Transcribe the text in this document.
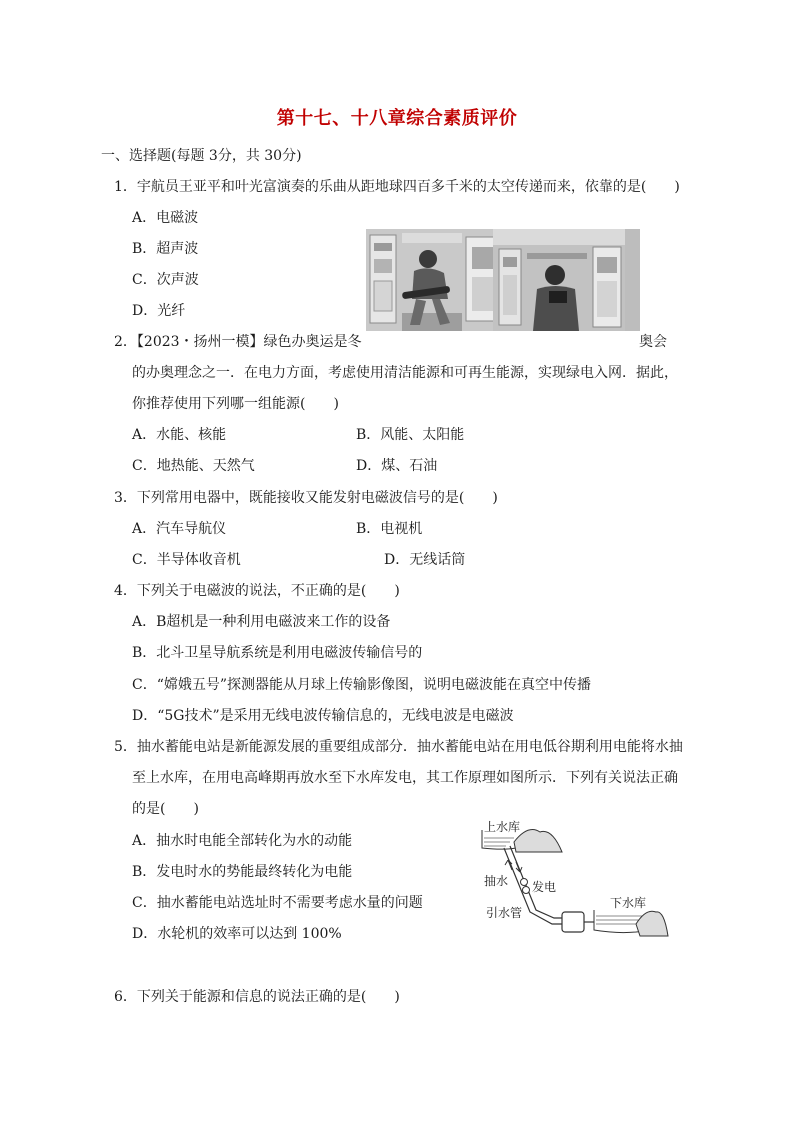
第十七、十八章综合素质评价
一、选择题(每题 3分，共 30分)
1．宇航员王亚平和叶光富演奏的乐曲从距地球四百多千米的太空传递而来，依靠的是(　　)
A．电磁波
B．超声波
C．次声波
D．光纤
2．【2023・扬州一模】绿色办奥运是冬	奥会
的办奥理念之一．在电力方面，考虑使用清洁能源和可再生能源，实现绿电入网．据此，
你推荐使用下列哪一组能源(　　)
A．水能、核能	B．风能、太阳能
C．地热能、天然气	D．煤、石油
3．下列常用电器中，既能接收又能发射电磁波信号的是(　　)
A．汽车导航仪	B．电视机
C．半导体收音机	D．无线话筒
4．下列关于电磁波的说法，不正确的是(　　)
A．B超机是一种利用电磁波来工作的设备
B．北斗卫星导航系统是利用电磁波传输信号的
C．“嫦娥五号”探测器能从月球上传输影像图，说明电磁波能在真空中传播
D．“5G技术”是采用无线电波传输信息的，无线电波是电磁波
5．抽水蓄能电站是新能源发展的重要组成部分．抽水蓄能电站在用电低谷期利用电能将水抽
至上水库，在用电高峰期再放水至下水库发电，其工作原理如图所示．下列有关说法正确
的是(　　)
A．抽水时电能全部转化为水的动能
B．发电时水的势能最终转化为电能
C．抽水蓄能电站选址时不需要考虑水量的问题
D．水轮机的效率可以达到 100%
上水库
抽水 发电
引水管
下水库
6．下列关于能源和信息的说法正确的是(　　)
